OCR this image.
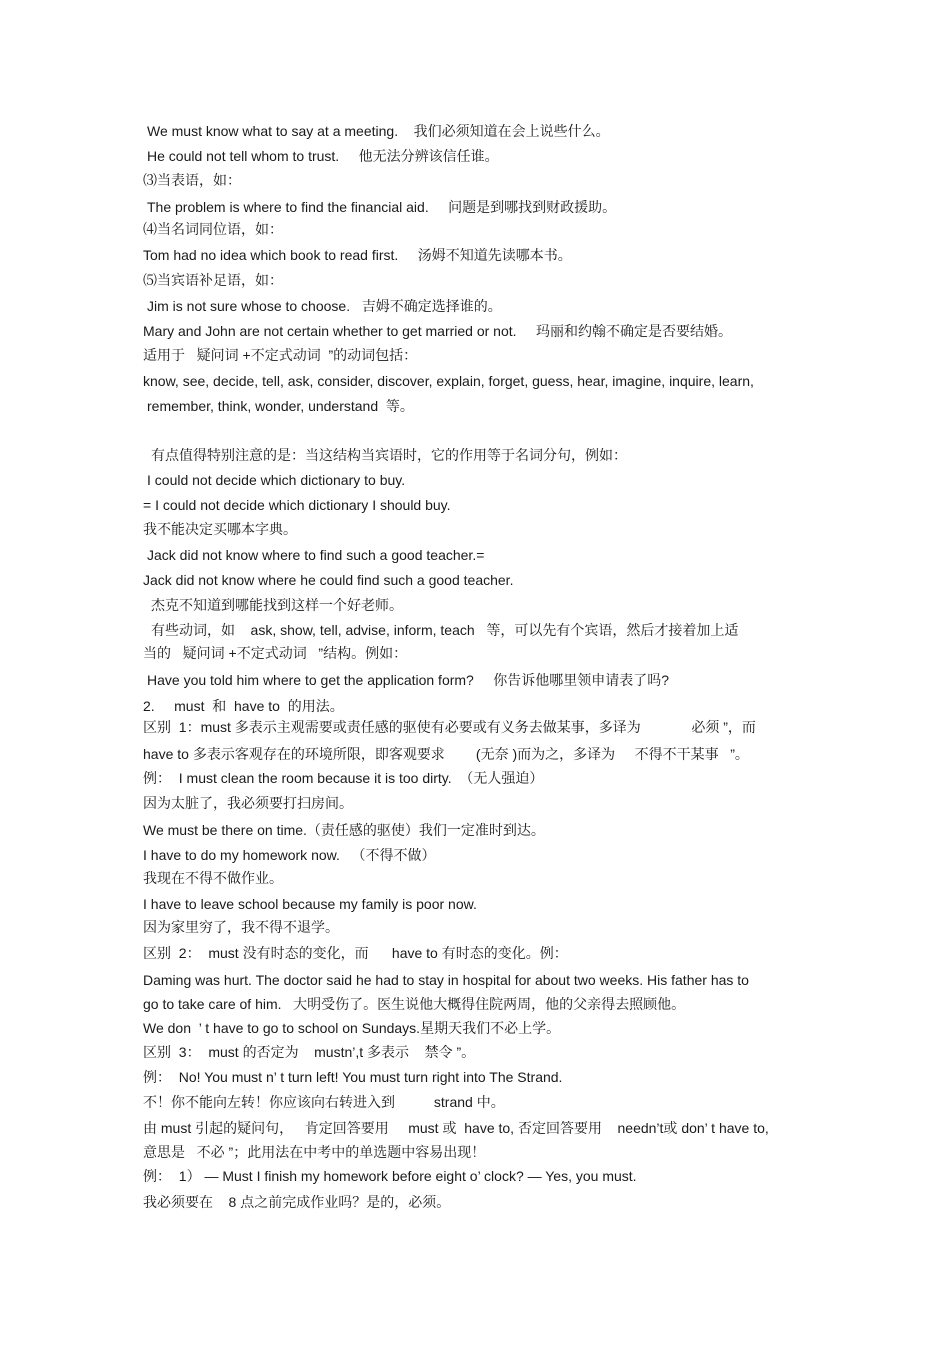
We must know what to say at a meeting.    我们必须知道在会上说些什么。
He could not tell whom to trust.     他无法分辨该信任谁。
⑶当表语，如：
The problem is where to find the financial aid.     问题是到哪找到财政援助。
⑷当名词同位语，如：
Tom had no idea which book to read first.     汤姆不知道先读哪本书。
⑸当宾语补足语，如：
Jim is not sure whose to choose.   吉姆不确定选择谁的。
Mary and John are not certain whether to get married or not.     玛丽和约翰不确定是否要结婚。
适用于   疑问词 +不定式动词  ”的动词包括：
know, see, decide, tell, ask, consider, discover, explain, forget, guess, hear, imagine, inquire, learn,
remember, think, wonder, understand  等。
有点值得特别注意的是：当这结构当宾语时，它的作用等于名词分句，例如：
I could not decide which dictionary to buy.
= I could not decide which dictionary I should buy.
我不能决定买哪本字典。
Jack did not know where to find such a good teacher.=
Jack did not know where he could find such a good teacher.
杰克不知道到哪能找到这样一个好老师。
有些动词，如    ask, show, tell, advise, inform, teach   等，可以先有个宾语，然后才接着加上适
当的   疑问词 +不定式动词   ”结构。例如：
Have you told him where to get the application form?     你告诉他哪里领申请表了吗?
2.     must  和  have to  的用法。
区别  1：must 多表示主观需要或责任感的驱使有必要或有义务去做某事，多译为             必须 ”，而
have to 多表示客观存在的环境所限，即客观要求        (无奈 )而为之，多译为     不得不干某事   ”。
例：  I must clean the room because it is too dirty.  （无人强迫）
因为太脏了，我必须要打扫房间。
We must be there on time.（责任感的驱使）我们一定准时到达。
I have to do my homework now.   （不得不做）
我现在不得不做作业。
I have to leave school because my family is poor now.
因为家里穷了，我不得不退学。
区别  2：  must 没有时态的变化，而      have to 有时态的变化。例：
Daming was hurt. The doctor said he had to stay in hospital for about two weeks. His father has to
go to take care of him.   大明受伤了。医生说他大概得住院两周，他的父亲得去照顾他。
We don  ’ t have to go to school on Sundays.星期天我们不必上学。
区别  3：  must 的否定为    mustn’,t 多表示    禁令 ”。
例：  No! You must n’ t turn left! You must turn right into The Strand.
不！你不能向左转！你应该向右转进入到          strand 中。
由 must 引起的疑问句，   肯定回答要用     must 或  have to, 否定回答要用    needn’t或 don’ t have to,
意思是   不必 ”；此用法在中考中的单选题中容易出现！
例：  1） — Must I finish my homework before eight o’ clock? — Yes, you must.
我必须要在    8 点之前完成作业吗？是的，必须。
